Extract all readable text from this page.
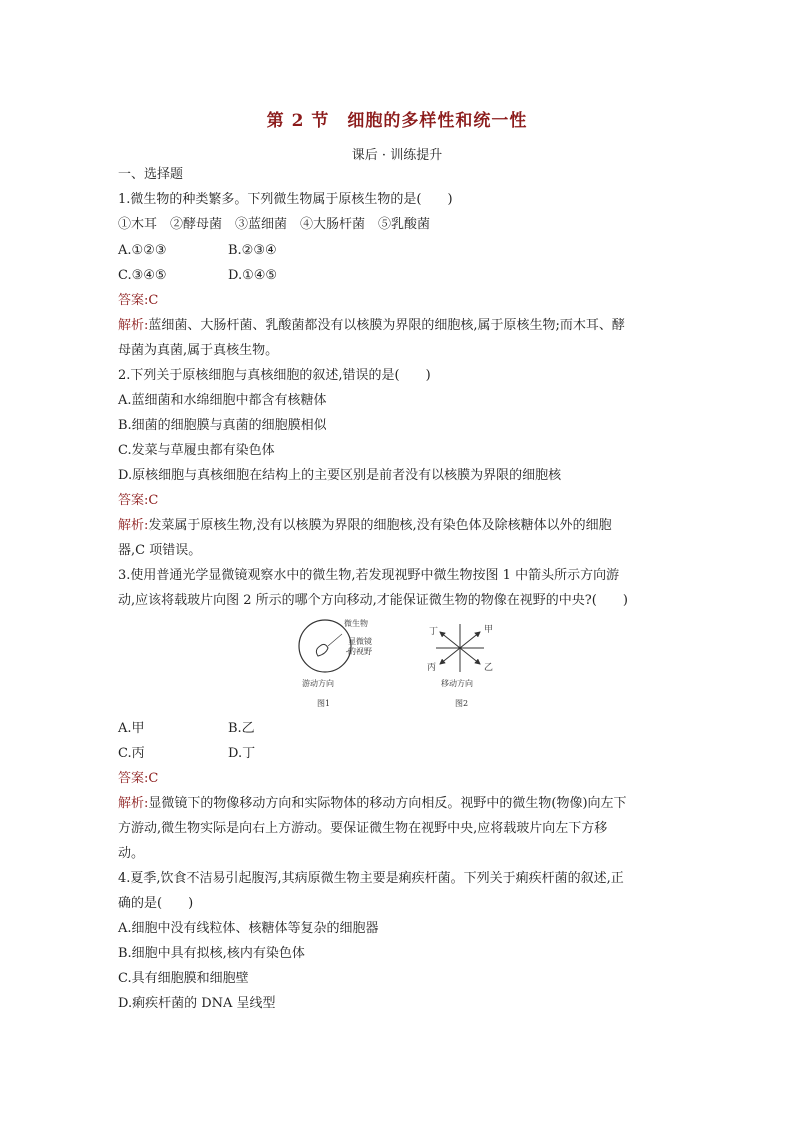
第 2 节　细胞的多样性和统一性
课后 · 训练提升
一、选择题
1.微生物的种类繁多。下列微生物属于原核生物的是(　　)
①木耳　②酵母菌　③蓝细菌　④大肠杆菌　⑤乳酸菌
A.①②③	B.②③④
C.③④⑤	D.①④⑤
答案:C
解析:蓝细菌、大肠杆菌、乳酸菌都没有以核膜为界限的细胞核,属于原核生物;而木耳、酵
母菌为真菌,属于真核生物。
2.下列关于原核细胞与真核细胞的叙述,错误的是(　　)
A.蓝细菌和水绵细胞中都含有核糖体
B.细菌的细胞膜与真菌的细胞膜相似
C.发菜与草履虫都有染色体
D.原核细胞与真核细胞在结构上的主要区别是前者没有以核膜为界限的细胞核
答案:C
解析:发菜属于原核生物,没有以核膜为界限的细胞核,没有染色体及除核糖体以外的细胞
器,C 项错误。
3.使用普通光学显微镜观察水中的微生物,若发现视野中微生物按图 1 中箭头所示方向游
动,应该将载玻片向图 2 所示的哪个方向移动,才能保证微生物的物像在视野的中央?(　　)
微生物
显微镜
的视野
游动方向
图1
甲
乙
丙
丁
移动方向
图2
A.甲	B.乙
C.丙	D.丁
答案:C
解析:显微镜下的物像移动方向和实际物体的移动方向相反。视野中的微生物(物像)向左下
方游动,微生物实际是向右上方游动。要保证微生物在视野中央,应将载玻片向左下方移
动。
4.夏季,饮食不洁易引起腹泻,其病原微生物主要是痢疾杆菌。下列关于痢疾杆菌的叙述,正
确的是(　　)
A.细胞中没有线粒体、核糖体等复杂的细胞器
B.细胞中具有拟核,核内有染色体
C.具有细胞膜和细胞壁
D.痢疾杆菌的 DNA 呈线型
